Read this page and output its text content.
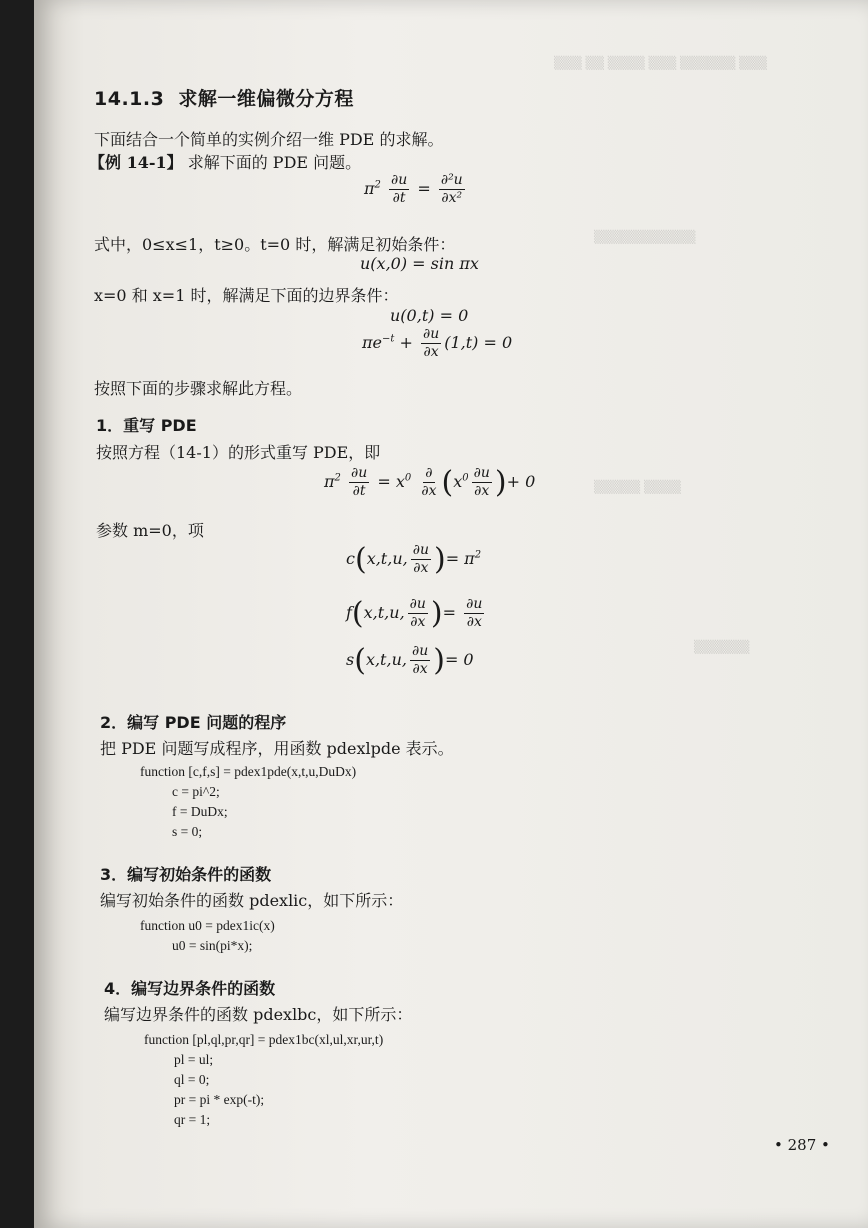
▒▒▒ ▒▒ ▒▒▒▒ ▒▒▒ ▒▒▒▒▒▒ ▒▒▒
▒▒▒▒▒▒▒▒▒▒▒
▒▒▒▒▒ ▒▒▒▒
▒▒▒▒▒▒
14.1.3 求解一维偏微分方程
下面结合一个简单的实例介绍一维 PDE 的求解。
【例 14-1】 求解下面的 PDE 问题。
$\pi^2 \frac{\partial u}{\partial t} = \frac{\text{∂²u}}{\text{∂x²}}$
式中，0≤x≤1，t≥0。t=0 时，解满足初始条件：
u(x,0) = sin πx
x=0 和 x=1 时，解满足下面的边界条件：
u(0,t) = 0
$\pi e^{-t} + \frac{\partial u}{\partial x} (1,t) = 0$
按照下面的步骤求解此方程。
1．重写 PDE
按照方程（14-1）的形式重写 PDE，即
$\pi^2 \frac{\partial u}{\partial t} = x^0 \frac{\partial}{\partial x} (x^0 \frac{\partial u}{\partial x}$ )+ 0
参数 m=0，项
c(x,t,u, $\frac{\partial u}{\partial x}$ )= $\pi^2$
f(x,t,u, $\frac{\partial u}{\partial x}$ )= $\frac{\partial u}{\partial x}$
s(x,t,u, $\frac{\partial u}{\partial x}$ )= 0
2．编写 PDE 问题的程序
把 PDE 问题写成程序，用函数 pdexlpde 表示。
function [c,f,s] = pdex1pde(x,t,u,DuDx)
c = pi^2;
f = DuDx;
s = 0;
3．编写初始条件的函数
编写初始条件的函数 pdexlic，如下所示：
function u0 = pdex1ic(x)
u0 = sin(pi*x);
4．编写边界条件的函数
编写边界条件的函数 pdexlbc，如下所示：
function [pl,ql,pr,qr] = pdex1bc(xl,ul,xr,ur,t)
pl = ul;
ql = 0;
pr = pi * exp(-t);
qr = 1;
• 287 •
